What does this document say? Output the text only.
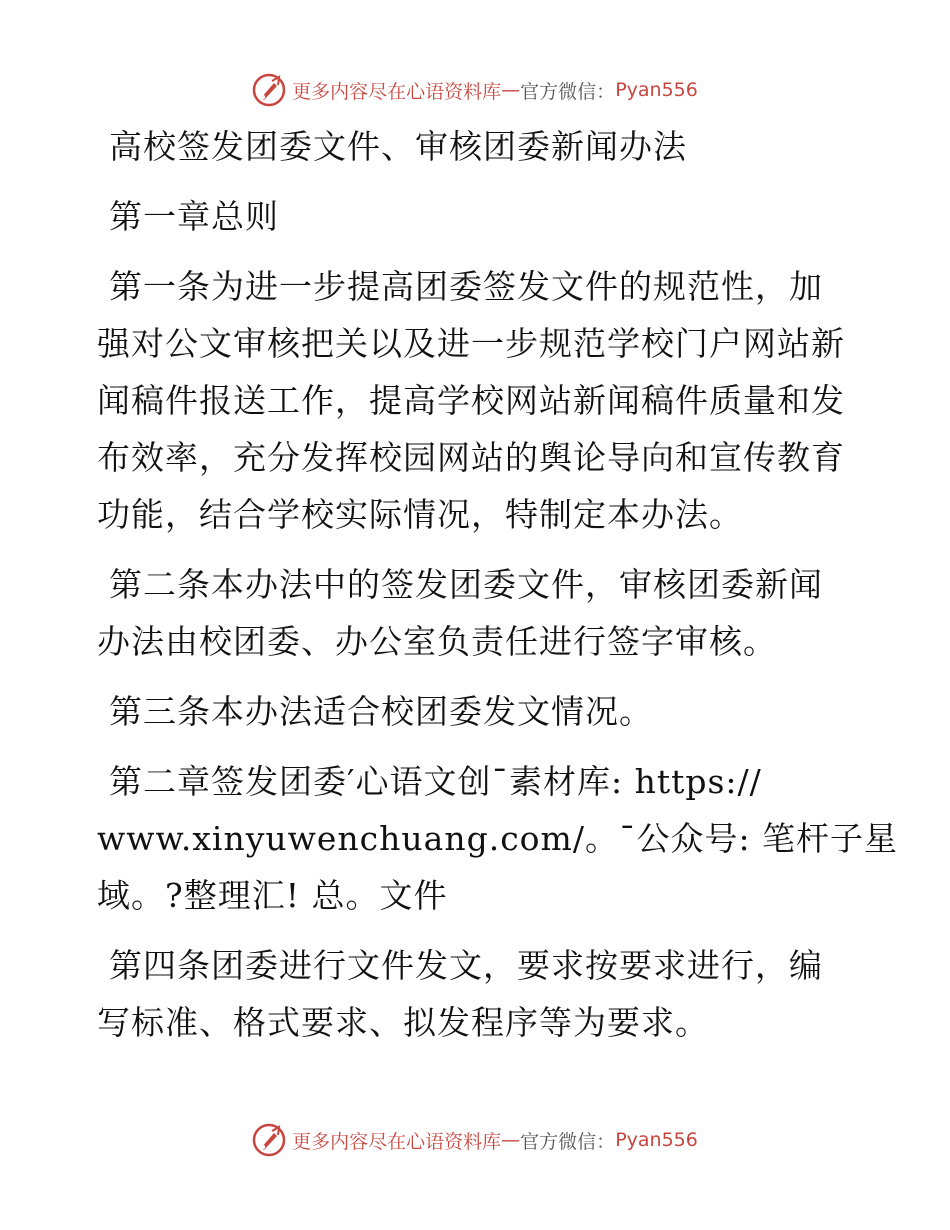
更多内容尽在心语资料库 — 官方微信： Pyan556

高校签发团委文件、审核团委新闻办法

第一章总则

第一条为进一步提高团委签发文件的规范性，加
强对公文审核把关以及进一步规范学校门户网站新
闻稿件报送工作，提高学校网站新闻稿件质量和发
布效率，充分发挥校园网站的舆论导向和宣传教育
功能，结合学校实际情况，特制定本办法。

第二条本办法中的签发团委文件，审核团委新闻
办法由校团委、办公室负责任进行签字审核。

第三条本办法适合校团委发文情况。

第二章签发团委′心语文创¯素材库: https://
www.xinyuwenchuang.com/。¯公众号: 笔杆子星
域。?整理汇! 总。文件

第四条团委进行文件发文，要求按要求进行，编
写标准、格式要求、拟发程序等为要求。

更多内容尽在心语资料库 — 官方微信： Pyan556
